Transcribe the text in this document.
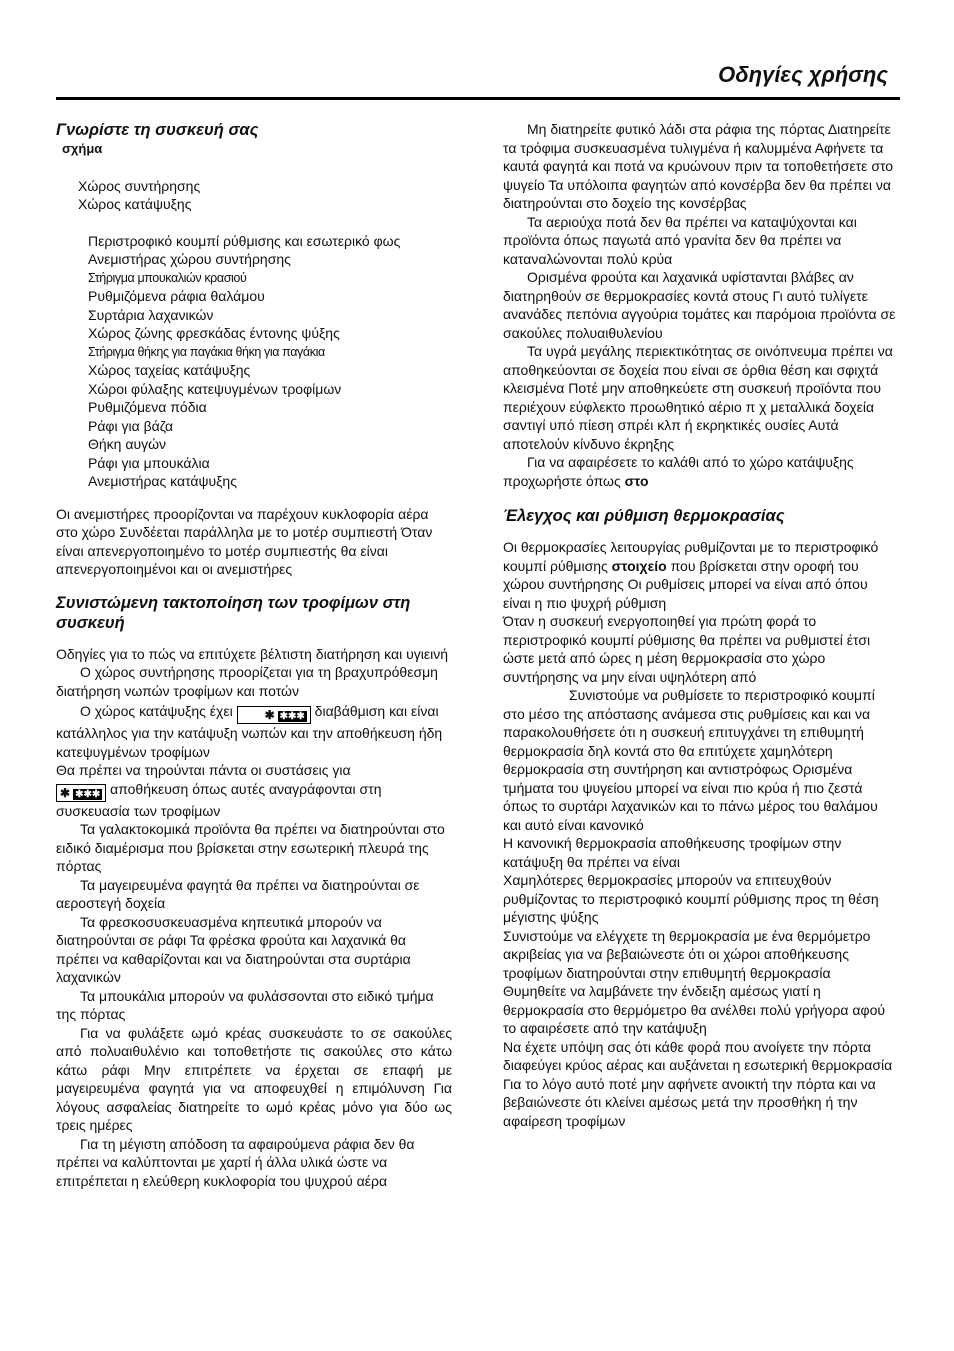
Οδηγίες χρήσης
Γνωρίστε τη συσκευή σας

σχήμα

Χώρος συντήρησης

Χώρος κατάψυξης

Περιστροφικό κουμπί ρύθμισης και εσωτερικό φως

Ανεμιστήρας χώρου συντήρησης

Στήριγμα μπουκαλιών κρασιού

Ρυθμιζόμενα ράφια θαλάμου

Συρτάρια λαχανικών

Χώρος ζώνης φρεσκάδας έντονης ψύξης

Στήριγμα θήκης για παγάκια θήκη για παγάκια

Χώρος ταχείας κατάψυξης

Χώροι φύλαξης κατεψυγμένων τροφίμων

Ρυθμιζόμενα πόδια

Ράφι για βάζα

Θήκη αυγών

Ράφι για μπουκάλια

Ανεμιστήρας κατάψυξης

Οι ανεμιστήρες προορίζονται να παρέχουν κυκλοφορία αέρα στο χώρο Συνδέεται παράλληλα με το μοτέρ συμπιεστή Όταν είναι απενεργοποιημένο το μοτέρ συμπιεστής θα είναι απενεργοποιημένοι και οι ανεμιστήρες

Συνιστώμενη τακτοποίηση των τροφίμων στη συσκευή

Οδηγίες για το πώς να επιτύχετε βέλτιστη διατήρηση και υγιεινή

Ο χώρος συντήρησης προορίζεται για τη βραχυπρόθεσμη διατήρηση νωπών τροφίμων και ποτών

Ο χώρος κατάψυξης έχει	✱ ✱✱✱ διαβάθμιση και είναι κατάλληλος για την κατάψυξη νωπών και την αποθήκευση ήδη κατεψυγμένων τροφίμων

Θα πρέπει να τηρούνται πάντα οι συστάσεις για

✱ ✱✱✱ αποθήκευση όπως αυτές αναγράφονται στη συσκευασία των τροφίμων

Τα γαλακτοκομικά προϊόντα θα πρέπει να διατηρούνται στο ειδικό διαμέρισμα που βρίσκεται στην εσωτερική πλευρά της πόρτας

Τα μαγειρευμένα φαγητά θα πρέπει να διατηρούνται σε αεροστεγή δοχεία

Τα φρεσκοσυσκευασμένα κηπευτικά μπορούν να διατηρούνται σε ράφι Τα φρέσκα φρούτα και λαχανικά θα πρέπει να καθαρίζονται και να διατηρούνται στα συρτάρια λαχανικών

Τα μπουκάλια μπορούν να φυλάσσονται στο ειδικό τμήμα της πόρτας

Για να φυλάξετε ωμό κρέας συσκευάστε το σε σακούλες από πολυαιθυλένιο και τοποθετήστε τις σακούλες στο κάτω κάτω ράφι Μην επιτρέπετε να έρχεται σε επαφή με μαγειρευμένα φαγητά για να αποφευχθεί η επιμόλυνση Για λόγους ασφαλείας διατηρείτε το ωμό κρέας μόνο για δύο ως τρεις ημέρες

Για τη μέγιστη απόδοση τα αφαιρούμενα ράφια δεν θα πρέπει να καλύπτονται με χαρτί ή άλλα υλικά ώστε να επιτρέπεται η ελεύθερη κυκλοφορία του ψυχρού αέρα

Μη διατηρείτε φυτικό λάδι στα ράφια της πόρτας Διατηρείτε τα τρόφιμα συσκευασμένα τυλιγμένα ή καλυμμένα Αφήνετε τα καυτά φαγητά και ποτά να κρυώνουν πριν τα τοποθετήσετε στο ψυγείο Τα υπόλοιπα φαγητών από κονσέρβα δεν θα πρέπει να διατηρούνται στο δοχείο της κονσέρβας

Τα αεριούχα ποτά δεν θα πρέπει να καταψύχονται και προϊόντα όπως παγωτά από γρανίτα δεν θα πρέπει να καταναλώνονται πολύ κρύα

Ορισμένα φρούτα και λαχανικά υφίστανται βλάβες αν διατηρηθούν σε θερμοκρασίες κοντά στους Γι αυτό τυλίγετε ανανάδες πεπόνια αγγούρια τομάτες και παρόμοια προϊόντα σε σακούλες πολυαιθυλενίου

Τα υγρά μεγάλης περιεκτικότητας σε οινόπνευμα πρέπει να αποθηκεύονται σε δοχεία που είναι σε όρθια θέση και σφιχτά κλεισμένα Ποτέ μην αποθηκεύετε στη συσκευή προϊόντα που περιέχουν εύφλεκτο προωθητικό αέριο π χ μεταλλικά δοχεία σαντιγί υπό πίεση σπρέι κλπ ή εκρηκτικές ουσίες Αυτά αποτελούν κίνδυνο έκρηξης

Για να αφαιρέσετε το καλάθι από το χώρο κατάψυξης προχωρήστε όπως στο

Έλεγχος και ρύθμιση θερμοκρασίας

Οι θερμοκρασίες λειτουργίας ρυθμίζονται με το περιστροφικό κουμπί ρύθμισης στοιχείο που βρίσκεται στην οροφή του χώρου συντήρησης Οι ρυθμίσεις μπορεί να είναι από όπου είναι η πιο ψυχρή ρύθμιση

Όταν η συσκευή ενεργοποιηθεί για πρώτη φορά το περιστροφικό κουμπί ρύθμισης θα πρέπει να ρυθμιστεί έτσι ώστε μετά από ώρες η μέση θερμοκρασία στο χώρο συντήρησης να μην είναι υψηλότερη από

Συνιστούμε να ρυθμίσετε το περιστροφικό κουμπί στο μέσο της απόστασης ανάμεσα στις ρυθμίσεις και και να παρακολουθήσετε ότι η συσκευή επιτυγχάνει τη επιθυμητή θερμοκρασία δηλ κοντά στο θα επιτύχετε χαμηλότερη θερμοκρασία στη συντήρηση και αντιστρόφως Ορισμένα τμήματα του ψυγείου μπορεί να είναι πιο κρύα ή πιο ζεστά όπως το συρτάρι λαχανικών και το πάνω μέρος του θαλάμου και αυτό είναι κανονικό

Η κανονική θερμοκρασία αποθήκευσης τροφίμων στην κατάψυξη θα πρέπει να είναι

Χαμηλότερες θερμοκρασίες μπορούν να επιτευχθούν ρυθμίζοντας το περιστροφικό κουμπί ρύθμισης προς τη θέση μέγιστης ψύξης

Συνιστούμε να ελέγχετε τη θερμοκρασία με ένα θερμόμετρο ακριβείας για να βεβαιώνεστε ότι οι χώροι αποθήκευσης τροφίμων διατηρούνται στην επιθυμητή θερμοκρασία

Θυμηθείτε να λαμβάνετε την ένδειξη αμέσως γιατί η θερμοκρασία στο θερμόμετρο θα ανέλθει πολύ γρήγορα αφού το αφαιρέσετε από την κατάψυξη

Να έχετε υπόψη σας ότι κάθε φορά που ανοίγετε την πόρτα διαφεύγει κρύος αέρας και αυξάνεται η εσωτερική θερμοκρασία Για το λόγο αυτό ποτέ μην αφήνετε ανοικτή την πόρτα και να βεβαιώνεστε ότι κλείνει αμέσως μετά την προσθήκη ή την αφαίρεση τροφίμων
